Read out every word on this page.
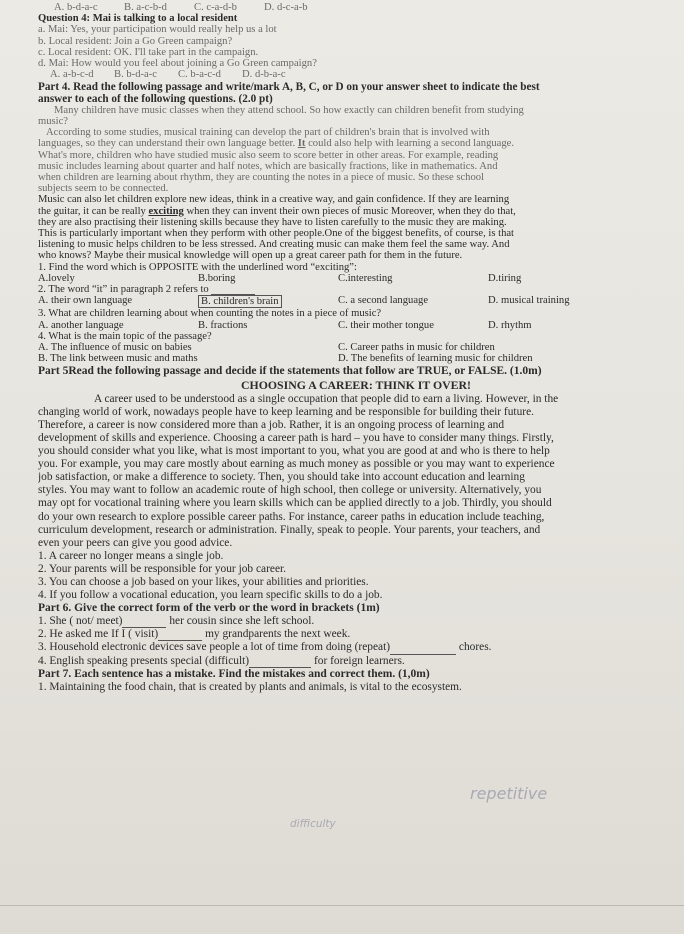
A. b-d-a-c	B. a-c-b-d	C. c-a-d-b	D. d-c-a-b
Question 4: Mai is talking to a local resident
a. Mai: Yes, your participation would really help us a lot
b. Local resident: Join a Go Green campaign?
c. Local resident: OK. I'll take part in the campaign.
d. Mai: How would you feel about joining a Go Green campaign?
A. a-b-c-d	B. b-d-a-c	C. b-a-c-d	D. d-b-a-c
Part 4. Read the following passage and write/mark A, B, C, or D on your answer sheet to indicate the best
answer to each of the following questions. (2.0 pt)
Many children have music classes when they attend school. So how exactly can children benefit from studying
music?
According to some studies, musical training can develop the part of children's brain that is involved with
languages, so they can understand their own language better. It could also help with learning a second language.
What's more, children who have studied music also seem to score better in other areas. For example, reading
music includes learning about quarter and half notes, which are basically fractions, like in mathematics. And
when children are learning about rhythm, they are counting the notes in a piece of music. So these school
subjects seem to be connected.
Music can also let children explore new ideas, think in a creative way, and gain confidence. If they are learning
the guitar, it can be really exciting when they can invent their own pieces of music Moreover, when they do that,
they are also practising their listening skills because they have to listen carefully to the music they are making.
This is particularly important when they perform with other people.One of the biggest benefits, of course, is that
listening to music helps children to be less stressed. And creating music can make them feel the same way. And
who knows? Maybe their musical knowledge will open up a great career path for them in the future.
1. Find the word which is OPPOSITE with the underlined word “exciting”:
A.lovely	B.boring	C.interesting	D.tiring
2. The word “it” in paragraph 2 refers to
A. their own language	B. children's brain	C. a second language	D. musical training
3. What are children learning about when counting the notes in a piece of music?
A. another language	B. fractions	C. their mother tongue	D. rhythm
4. What is the main topic of the passage?
A. The influence of music on babies	C. Career paths in music for children
B. The link between music and maths	D. The benefits of learning music for children
Part 5Read the following passage and decide if the statements that follow are TRUE, or FALSE. (1.0m)
CHOOSING A CAREER: THINK IT OVER!
A career used to be understood as a single occupation that people did to earn a living. However, in the
changing world of work, nowadays people have to keep learning and be responsible for building their future.
Therefore, a career is now considered more than a job. Rather, it is an ongoing process of learning and
development of skills and experience. Choosing a career path is hard – you have to consider many things. Firstly,
you should consider what you like, what is most important to you, what you are good at and who is there to help
you. For example, you may care mostly about earning as much money as possible or you may want to experience
job satisfaction, or make a difference to society. Then, you should take into account education and learning
styles. You may want to follow an academic route of high school, then college or university. Alternatively, you
may opt for vocational training where you learn skills which can be applied directly to a job. Thirdly, you should
do your own research to explore possible career paths. For instance, career paths in education include teaching,
curriculum development, research or administration. Finally, speak to people. Your parents, your teachers, and
even your peers can give you good advice.
1. A career no longer means a single job.
2. Your parents will be responsible for your job career.
3. You can choose a job based on your likes, your abilities and priorities.
4. If you follow a vocational education, you learn specific skills to do a job.
Part 6. Give the correct form of the verb or the word in brackets (1m)
1. She ( not/ meet)	her cousin since she left school.
2. He asked me If I ( visit)	my grandparents the next week.
3. Household electronic devices save people a lot of time from doing (repeat)	chores.
4. English speaking presents special (difficult)	for foreign learners.
Part 7. Each sentence has a mistake. Find the mistakes and correct them. (1,0m)
1. Maintaining the food chain, that is created by plants and animals, is vital to the ecosystem.
repetitive
difficulty
